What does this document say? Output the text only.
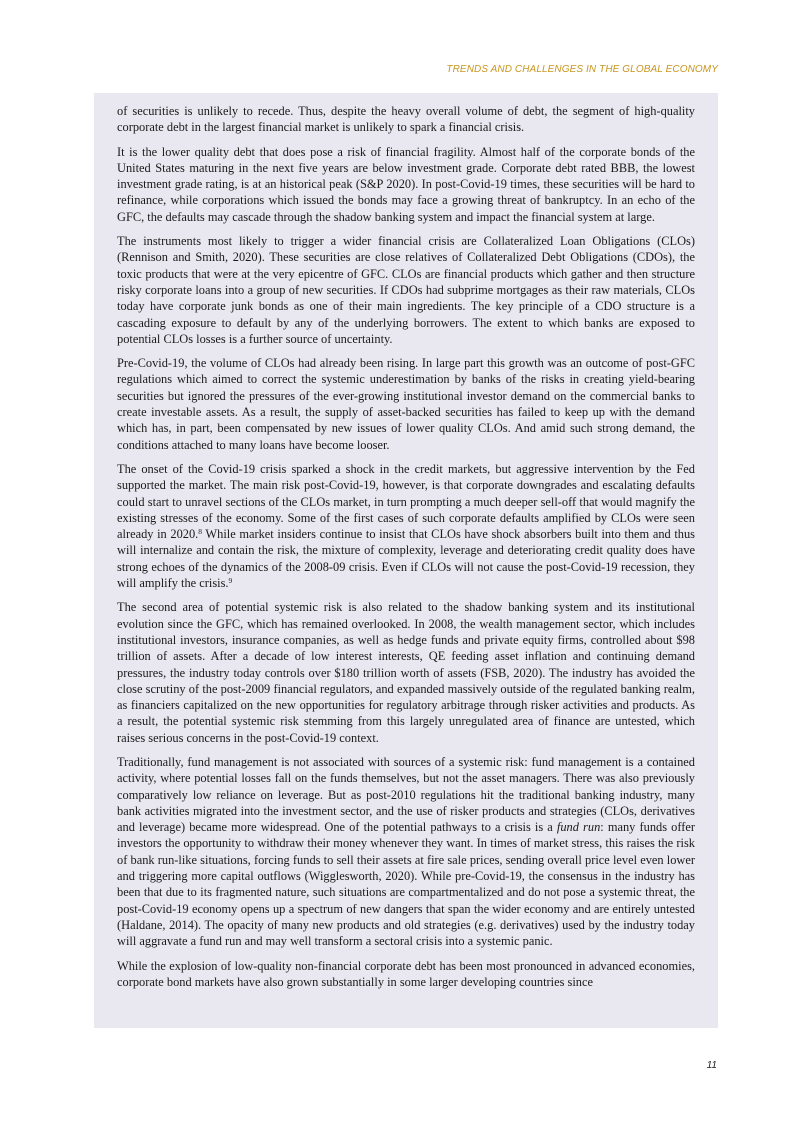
TRENDS AND CHALLENGES IN THE GLOBAL ECONOMY

of securities is unlikely to recede. Thus, despite the heavy overall volume of debt, the segment of high-quality corporate debt in the largest financial market is unlikely to spark a financial crisis.

It is the lower quality debt that does pose a risk of financial fragility. Almost half of the corporate bonds of the United States maturing in the next five years are below investment grade. Corporate debt rated BBB, the lowest investment grade rating, is at an historical peak (S&P 2020). In post-Covid-19 times, these securities will be hard to refinance, while corporations which issued the bonds may face a growing threat of bankruptcy. In an echo of the GFC, the defaults may cascade through the shadow banking system and impact the financial system at large.

The instruments most likely to trigger a wider financial crisis are Collateralized Loan Obligations (CLOs) (Rennison and Smith, 2020). These securities are close relatives of Collateralized Debt Obligations (CDOs), the toxic products that were at the very epicentre of GFC. CLOs are financial products which gather and then structure risky corporate loans into a group of new securities. If CDOs had subprime mortgages as their raw materials, CLOs today have corporate junk bonds as one of their main ingredients. The key principle of a CDO structure is a cascading exposure to default by any of the underlying borrowers. The extent to which banks are exposed to potential CLOs losses is a further source of uncertainty.

Pre-Covid-19, the volume of CLOs had already been rising. In large part this growth was an outcome of post-GFC regulations which aimed to correct the systemic underestimation by banks of the risks in creating yield-bearing securities but ignored the pressures of the ever-growing institutional investor demand on the commercial banks to create investable assets. As a result, the supply of asset-backed securities has failed to keep up with the demand which has, in part, been compensated by new issues of lower quality CLOs. And amid such strong demand, the conditions attached to many loans have become looser.

The onset of the Covid-19 crisis sparked a shock in the credit markets, but aggressive intervention by the Fed supported the market. The main risk post-Covid-19, however, is that corporate downgrades and escalating defaults could start to unravel sections of the CLOs market, in turn prompting a much deeper sell-off that would magnify the existing stresses of the economy. Some of the first cases of such corporate defaults amplified by CLOs were seen already in 2020.$^8$ While market insiders continue to insist that CLOs have shock absorbers built into them and thus will internalize and contain the risk, the mixture of complexity, leverage and deteriorating credit quality does have strong echoes of the dynamics of the 2008-09 crisis. Even if CLOs will not cause the post-Covid-19 recession, they will amplify the crisis.$^9$

The second area of potential systemic risk is also related to the shadow banking system and its institutional evolution since the GFC, which has remained overlooked. In 2008, the wealth management sector, which includes institutional investors, insurance companies, as well as hedge funds and private equity firms, controlled about $98 trillion of assets. After a decade of low interest interests, QE feeding asset inflation and continuing demand pressures, the industry today controls over $180 trillion worth of assets (FSB, 2020). The industry has avoided the close scrutiny of the post-2009 financial regulators, and expanded massively outside of the regulated banking realm, as financiers capitalized on the new opportunities for regulatory arbitrage through risker activities and products. As a result, the potential systemic risk stemming from this largely unregulated area of finance are untested, which raises serious concerns in the post-Covid-19 context.

Traditionally, fund management is not associated with sources of a systemic risk: fund management is a contained activity, where potential losses fall on the funds themselves, but not the asset managers. There was also previously comparatively low reliance on leverage. But as post-2010 regulations hit the traditional banking industry, many bank activities migrated into the investment sector, and the use of risker products and strategies (CLOs, derivatives and leverage) became more widespread. One of the potential pathways to a crisis is a fund run: many funds offer investors the opportunity to withdraw their money whenever they want. In times of market stress, this raises the risk of bank run-like situations, forcing funds to sell their assets at fire sale prices, sending overall price level even lower and triggering more capital outflows (Wigglesworth, 2020). While pre-Covid-19, the consensus in the industry has been that due to its fragmented nature, such situations are compartmentalized and do not pose a systemic threat, the post-Covid-19 economy opens up a spectrum of new dangers that span the wider economy and are entirely untested (Haldane, 2014). The opacity of many new products and old strategies (e.g. derivatives) used by the industry today will aggravate a fund run and may well transform a sectoral crisis into a systemic panic.

While the explosion of low-quality non-financial corporate debt has been most pronounced in advanced economies, corporate bond markets have also grown substantially in some larger developing countries since

11
